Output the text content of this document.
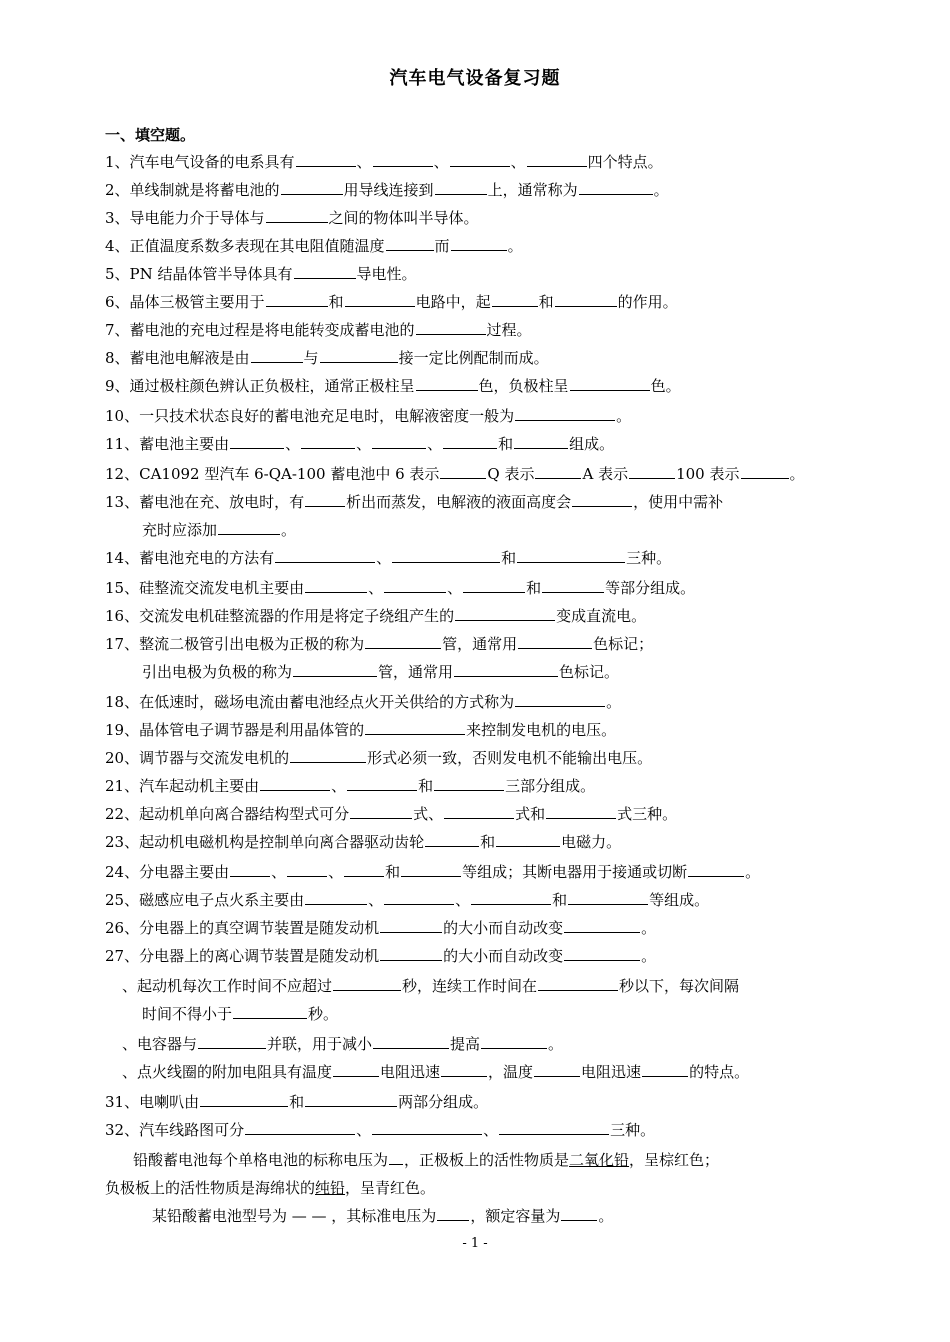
汽车电气设备复习题
一、填空题。
1、汽车电气设备的电系具有	、	、	、	四个特点。
2、单线制就是将蓄电池的	用导线连接到	上，通常称为	。
3、导电能力介于导体与	之间的物体叫半导体。
4、正值温度系数多表现在其电阻值随温度	而	。
5、PN 结晶体管半导体具有	导电性。
6、晶体三极管主要用于	和	电路中，起	和	的作用。
7、蓄电池的充电过程是将电能转变成蓄电池的	过程。
8、蓄电池电解液是由	与	接一定比例配制而成。
9、通过极柱颜色辨认正负极柱，通常正极柱呈	色，负极柱呈	色。
10、一只技术状态良好的蓄电池充足电时，电解液密度一般为	。
11、蓄电池主要由	、	、	、	和	组成。
12、CA1092 型汽车 6-QA-100 蓄电池中 6 表示	Q 表示	A 表示	100 表示	。
13、蓄电池在充、放电时，有	析出而蒸发，电解液的液面高度会	，使用中需补
充时应添加	。
14、蓄电池充电的方法有	、	和	三种。
15、硅整流交流发电机主要由	、	、	和	等部分组成。
16、交流发电机硅整流器的作用是将定子绕组产生的	变成直流电。
17、整流二极管引出电极为正极的称为	管，通常用	色标记；
引出电极为负极的称为	管，通常用	色标记。
18、在低速时，磁场电流由蓄电池经点火开关供给的方式称为	。
19、晶体管电子调节器是利用晶体管的	来控制发电机的电压。
20、调节器与交流发电机的	形式必须一致，否则发电机不能输出电压。
21、汽车起动机主要由	、	和	三部分组成。
22、起动机单向离合器结构型式可分	式、	式和	式三种。
23、起动机电磁机构是控制单向离合器驱动齿轮	和	电磁力。
24、分电器主要由	、	、	和	等组成；其断电器用于接通或切断	。
25、磁感应电子点火系主要由	、	、	和	等组成。
26、分电器上的真空调节装置是随发动机	的大小而自动改变	。
27、分电器上的离心调节装置是随发动机	的大小而自动改变	。
、起动机每次工作时间不应超过	秒，连续工作时间在	秒以下，每次间隔
时间不得小于	秒。
、电容器与	并联，用于减小	提高	。
、点火线圈的附加电阻具有温度	电阻迅速	，温度	电阻迅速	的特点。
31、电喇叭由	和	两部分组成。
32、汽车线路图可分	、	、	三种。
铅酸蓄电池每个单格电池的标称电压为 ，正极板上的活性物质是二氧化铅，呈棕红色；
负极板上的活性物质是海绵状的纯铅，呈青红色。
某铅酸蓄电池型号为 — — ，其标准电压为 ，额定容量为	。
- 1 -
